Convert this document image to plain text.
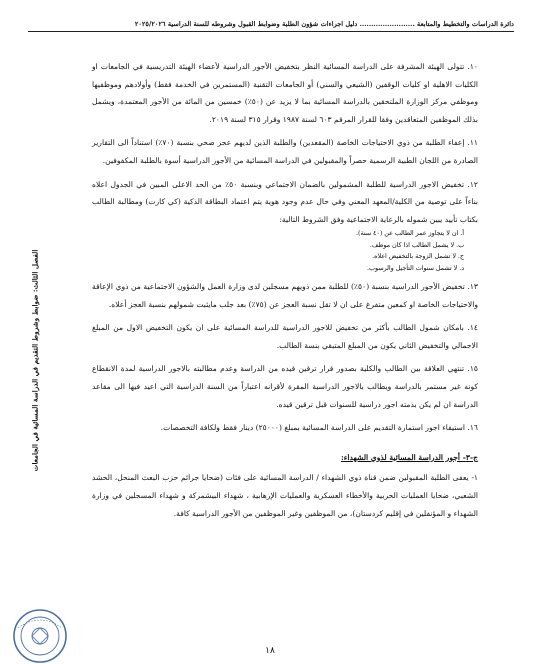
دائرة الدراسات والتخطيط والمتابعة ........................ دليل اجراءات شؤون الطلبة وضوابط القبول وشروطه للسنة الدراسية ٢٠٢٥/٢٠٢٦
الفصل الثالث: ضوابط وشروط التقديم في الدراسة المسائية في الجامعات

١٠. تتولى الهيئة المشرفة على الدراسة المسائية النظر بتخفيض الأجور الدراسية لأعضاء الهيئة التدريسية في الجامعات او الكليات الاهلية او كليات الوقفين (الشيعي والسني) أو الجامعات التقنية (المستمرين في الخدمة فقط) وأولادهم وموظفيها وموظفي مركز الوزارة الملتحقين بالدراسة المسائية بما لا يزيد عن (٥٠٪) خمسين من المائة من الأجور المعتمدة، ويشمل بذلك الموظفين المتعاقدين وفقا للقرار المرقم ٦٠٣ لسنة ١٩٨٧ وقرار ٣١٥ لسنة ٢٠١٩.

١١. إعفاء الطلبة من ذوي الاحتياجات الخاصة (المقعدين) والطلبة الذين لديهم عجز صحي بنسبة (٧٠٪) استناداً الى التقارير الصادرة من اللجان الطبية الرسمية حصراً والمقبولين في الدراسة المسائية من الأجور الدراسية أسوة بالطلبة المكفوفين.

١٢. تخفيض الاجور الدراسية للطلبة المشمولين بالضمان الاجتماعي وبنسبة ٥٠٪ من الحد الاعلى المبين في الجدول اعلاه بناءاً على توصية من الكلية/المعهد المعني وفي حال عدم وجود هوية يتم اعتماد البطاقة الذكية (كي كارت) ومطالبة الطالب بكتاب تأييد يبين شموله بالرعاية الاجتماعية وفق الشروط التالية:

أ. ان لا يتجاوز عمر الطالب عن (٤٠ سنة).
ب. لا يشمل الطالب اذا كان موظف.
ج. لا تشمل الزوجة بالتخفيض اعلاه.
د. لا تشمل سنوات التأجيل والرسوب.

١٣. تخفيض الأجور الدراسية بنسبة (٥٠٪) للطلبة ممن ذويهم مسجلين لدى وزارة العمل والشؤون الاجتماعية من ذوي الإعاقة والاحتياجات الخاصة او كمعين متفرغ على ان لا تقل نسبة العجز عن (٧٥٪) بعد جلب مايثبت شمولهم بنسبة العجز أعلاه.

١٤. بامكان شمول الطالب بأكثر من تخفيض للاجور الدراسية للدراسة المسائية على ان يكون التخفيض الاول من المبلغ الاجمالي والتخفيض الثاني يكون من المبلغ المتبقي بنسة الطالب.

١٥. تنتهي العلاقة بين الطالب والكلية بصدور قرار ترقين قيده من الدراسة وعدم مطالبته بالاجور الدراسية لمدة الانقطاع كونه غير مستمر بالدراسة ويطالب بالاجور الدراسية المقرة لأقرانه اعتباراً من السنة الدراسية التي اعيد فيها الى مقاعد الدراسة ان لم يكن بذمته اجور دراسية للسنوات قبل ترقين قيده.

١٦. استيفاء اجور استمارة التقديم على الدراسة المسائية بمبلغ (٢٥٠٠٠) دينار فقط ولكافة التخصصات.

ج-٣- أجور الدراسة المسائية لذوي الشهداء:

١- يعفى الطلبة المقبولين ضمن قناة ذوي الشهداء / الدراسة المسائية على فئات (ضحايا جرائم حزب البعث المنحل، الحشد الشعبي، ضحايا العمليات الحربية والأخطاء العسكرية والعمليات الإرهابية ، شهداء البيشمركة و شهداء المسجلين في وزارة الشهداء و المؤنفلين في إقليم كردستان)، من الموظفين وغير الموظفين من الأجور الدراسية كافة.

١٨
